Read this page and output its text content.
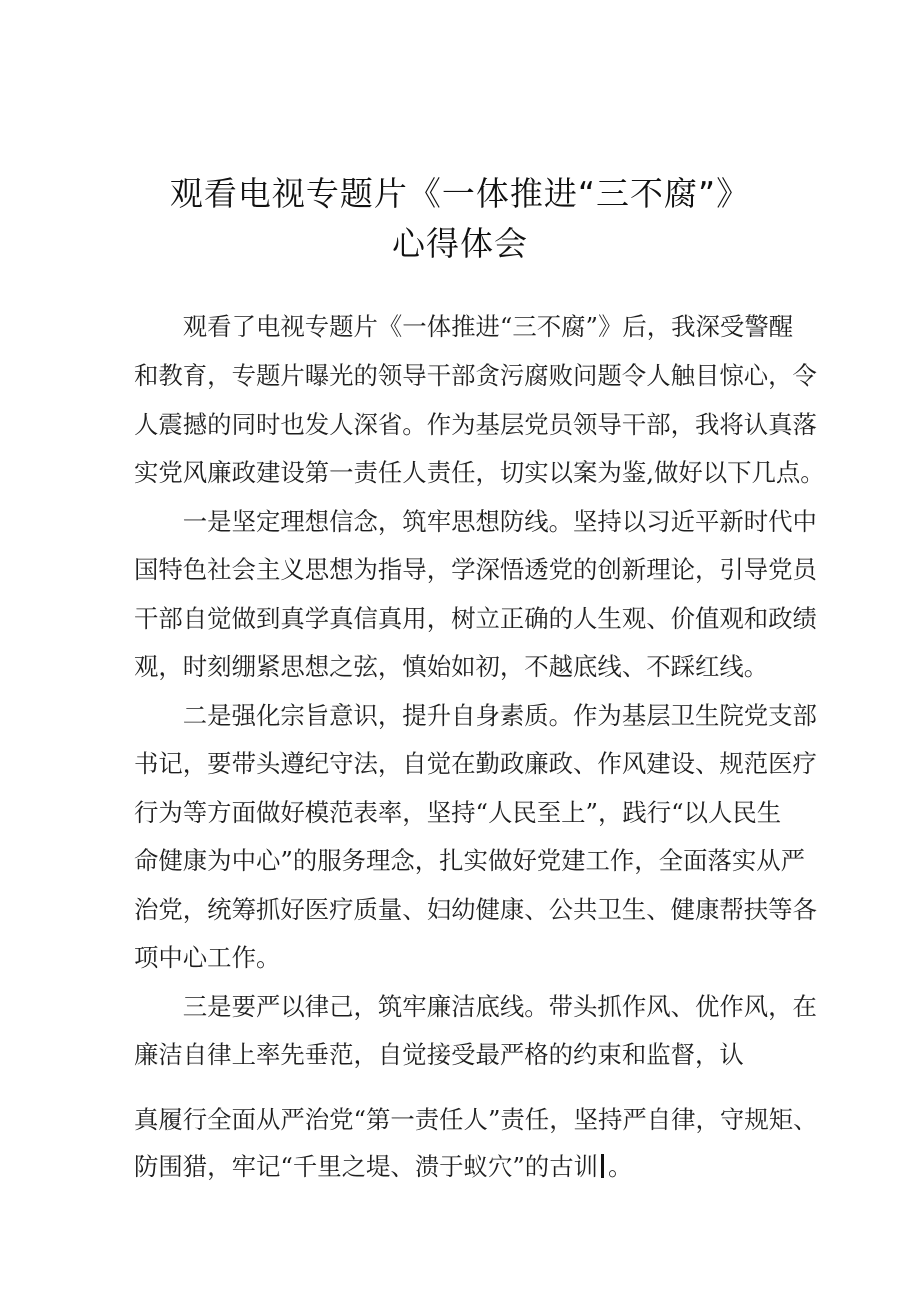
观看电视专题片《一体推进“三不腐”》
心得体会
　　观看了电视专题片《一体推进“三不腐”》后，我深受警醒
和教育，专题片曝光的领导干部贪污腐败问题令人触目惊心，令
人震撼的同时也发人深省。作为基层党员领导干部，我将认真落
实党风廉政建设第一责任人责任，切实以案为鉴,做好以下几点。
　　一是坚定理想信念，筑牢思想防线。坚持以习近平新时代中
国特色社会主义思想为指导，学深悟透党的创新理论，引导党员
干部自觉做到真学真信真用，树立正确的人生观、价值观和政绩
观，时刻绷紧思想之弦，慎始如初，不越底线、不踩红线。
　　二是强化宗旨意识，提升自身素质。作为基层卫生院党支部
书记，要带头遵纪守法，自觉在勤政廉政、作风建设、规范医疗
行为等方面做好模范表率，坚持“人民至上”，践行“以人民生
命健康为中心”的服务理念，扎实做好党建工作，全面落实从严
治党，统筹抓好医疗质量、妇幼健康、公共卫生、健康帮扶等各
项中心工作。
　　三是要严以律己，筑牢廉洁底线。带头抓作风、优作风，在
廉洁自律上率先垂范，自觉接受最严格的约束和监督，认
真履行全面从严治党“第一责任人”责任，坚持严自律，守规矩、
防围猎，牢记“千里之堤、溃于蚁穴”的古训 。
